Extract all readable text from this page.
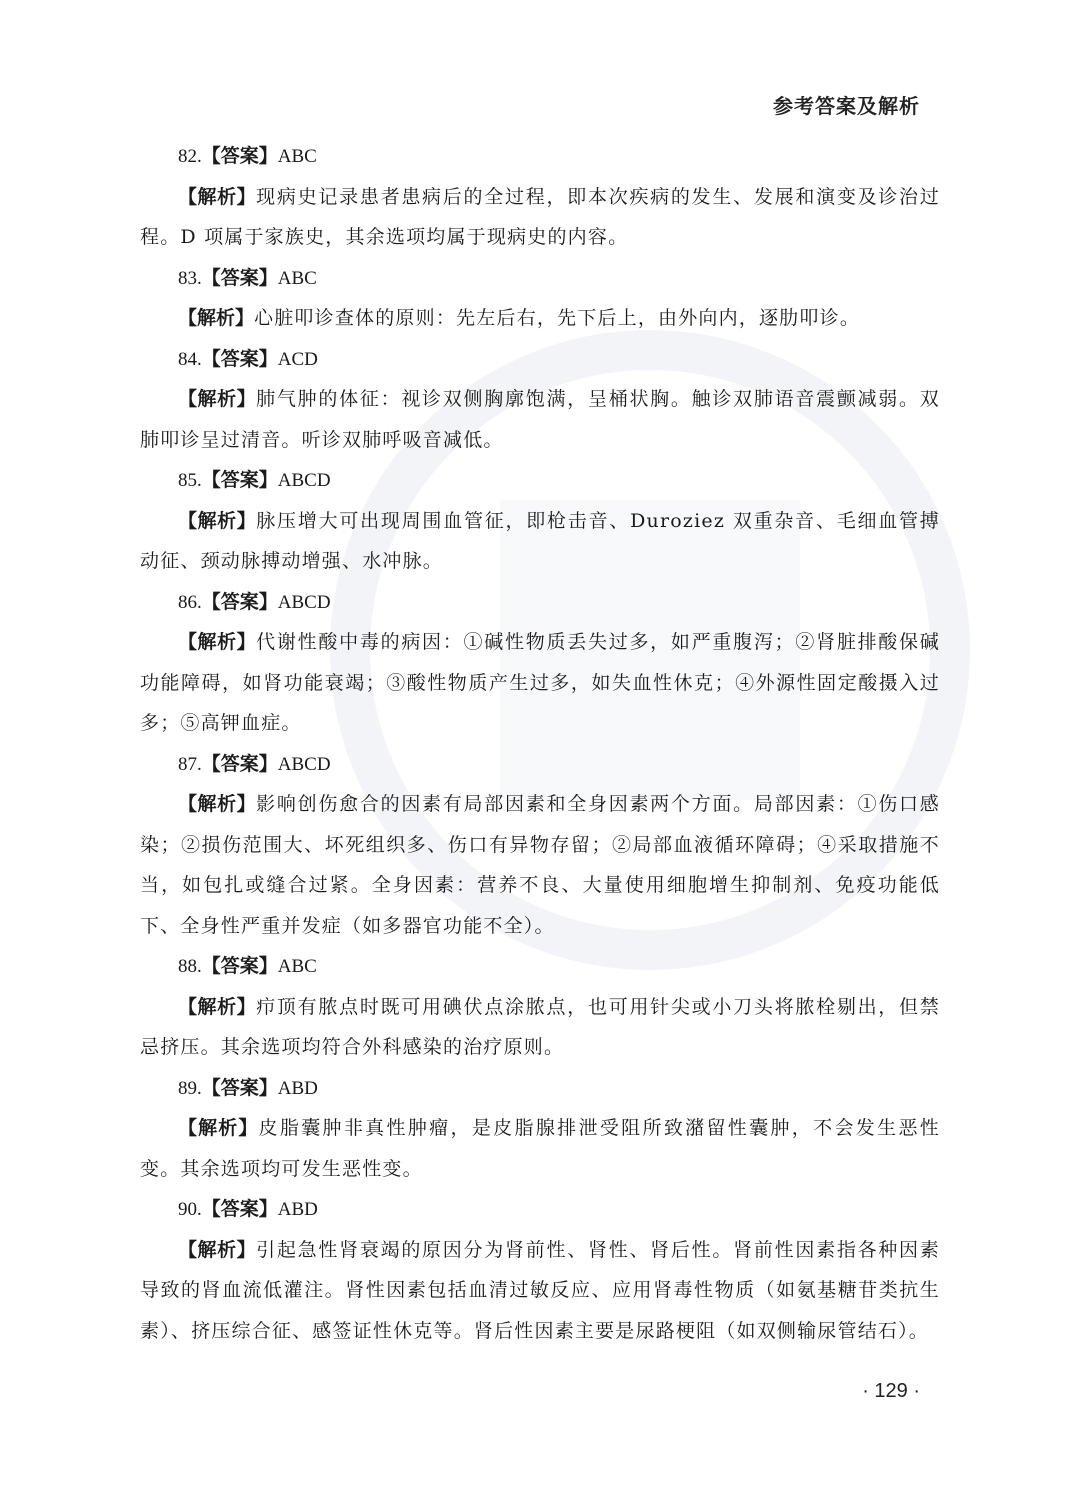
参考答案及解析

82.【答案】ABC

【解析】现病史记录患者患病后的全过程，即本次疾病的发生、发展和演变及诊治过程。D 项属于家族史，其余选项均属于现病史的内容。

83.【答案】ABC

【解析】心脏叩诊查体的原则：先左后右，先下后上，由外向内，逐肋叩诊。

84.【答案】ACD

【解析】肺气肿的体征：视诊双侧胸廓饱满，呈桶状胸。触诊双肺语音震颤减弱。双肺叩诊呈过清音。听诊双肺呼吸音减低。

85.【答案】ABCD

【解析】脉压增大可出现周围血管征，即枪击音、Duroziez 双重杂音、毛细血管搏动征、颈动脉搏动增强、水冲脉。

86.【答案】ABCD

【解析】代谢性酸中毒的病因：①碱性物质丢失过多，如严重腹泻；②肾脏排酸保碱功能障碍，如肾功能衰竭；③酸性物质产生过多，如失血性休克；④外源性固定酸摄入过多；⑤高钾血症。

87.【答案】ABCD

【解析】影响创伤愈合的因素有局部因素和全身因素两个方面。局部因素：①伤口感染；②损伤范围大、坏死组织多、伤口有异物存留；②局部血液循环障碍；④采取措施不当，如包扎或缝合过紧。全身因素：营养不良、大量使用细胞增生抑制剂、免疫功能低下、全身性严重并发症（如多器官功能不全）。

88.【答案】ABC

【解析】疖顶有脓点时既可用碘伏点涂脓点，也可用针尖或小刀头将脓栓剔出，但禁忌挤压。其余选项均符合外科感染的治疗原则。

89.【答案】ABD

【解析】皮脂囊肿非真性肿瘤，是皮脂腺排泄受阻所致潴留性囊肿，不会发生恶性变。其余选项均可发生恶性变。

90.【答案】ABD

【解析】引起急性肾衰竭的原因分为肾前性、肾性、肾后性。肾前性因素指各种因素导致的肾血流低灌注。肾性因素包括血清过敏反应、应用肾毒性物质（如氨基糖苷类抗生素）、挤压综合征、感签证性休克等。肾后性因素主要是尿路梗阻（如双侧输尿管结石）。

· 129 ·
